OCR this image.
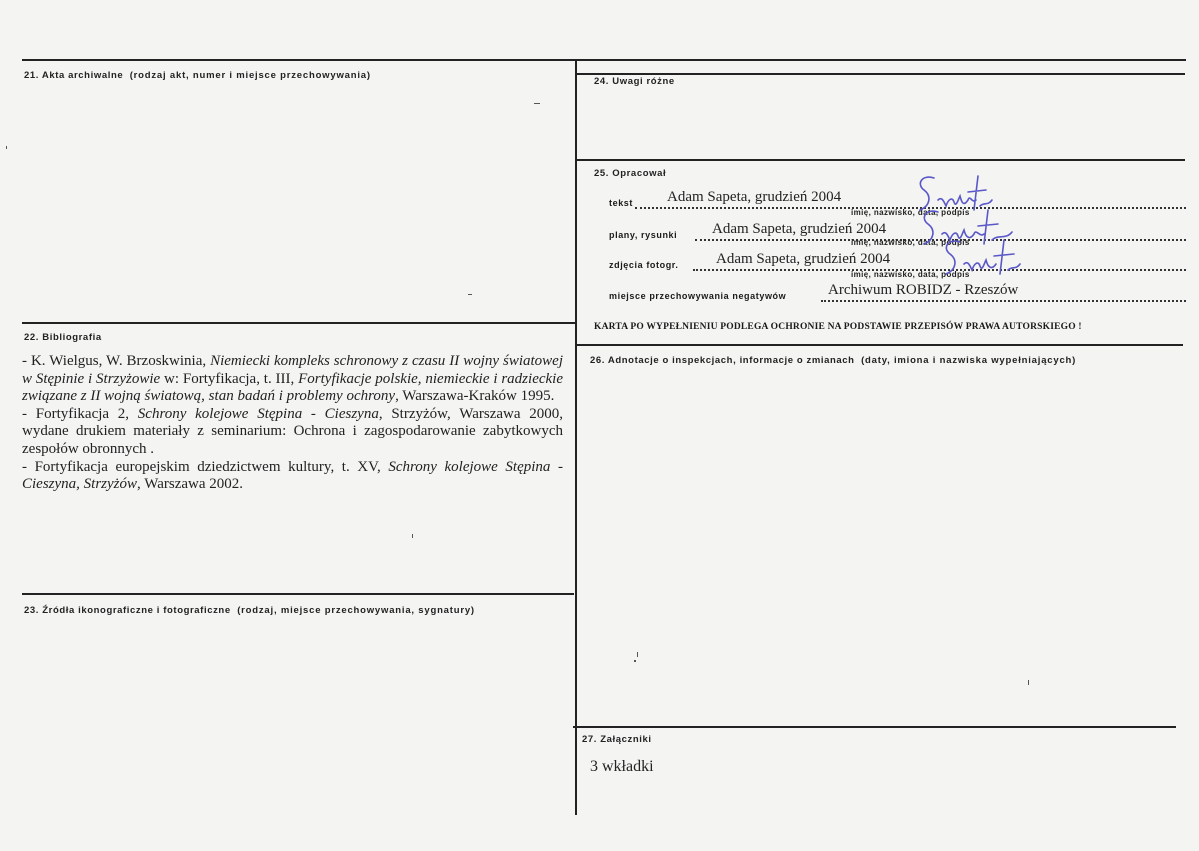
21. Akta archiwalne (rodzaj akt, numer i miejsce przechowywania)
22. Bibliografia

- K. Wielgus, W. Brzoskwinia, Niemiecki kompleks schronowy z czasu II wojny światowej w Stępinie i Strzyżowie w: Fortyfikacja, t. III, Fortyfikacje polskie, niemieckie i radzieckie związane z II wojną światową, stan badań i problemy ochrony, Warszawa-Kraków 1995.

- Fortyfikacja 2, Schrony kolejowe Stępina - Cieszyna, Strzyżów, Warszawa 2000, wydane drukiem materiały z seminarium: Ochrona i zagospodarowanie zabytkowych zespołów obronnych .

- Fortyfikacja europejskim dziedzictwem kultury, t. XV, Schrony kolejowe Stępina - Cieszyna, Strzyżów, Warszawa 2002.

23. Źródła ikonograficzne i fotograficzne (rodzaj, miejsce przechowywania, sygnatury)
24. Uwagi różne
25. Opracował
tekst Adam Sapeta, grudzień 2004
imię, nazwisko, data, podpis
plany, rysunki Adam Sapeta, grudzień 2004
imię, nazwisko, data, podpis
zdjęcia fotogr. Adam Sapeta, grudzień 2004
imię, nazwisko, data, podpis
miejsce przechowywania negatywów	Archiwum ROBIDZ - Rzeszów
KARTA PO WYPEŁNIENIU PODLEGA OCHRONIE NA PODSTAWIE PRZEPISÓW PRAWA AUTORSKIEGO !
26. Adnotacje o inspekcjach, informacje o zmianach (daty, imiona i nazwiska wypełniających)
27. Załączniki
3 wkładki
